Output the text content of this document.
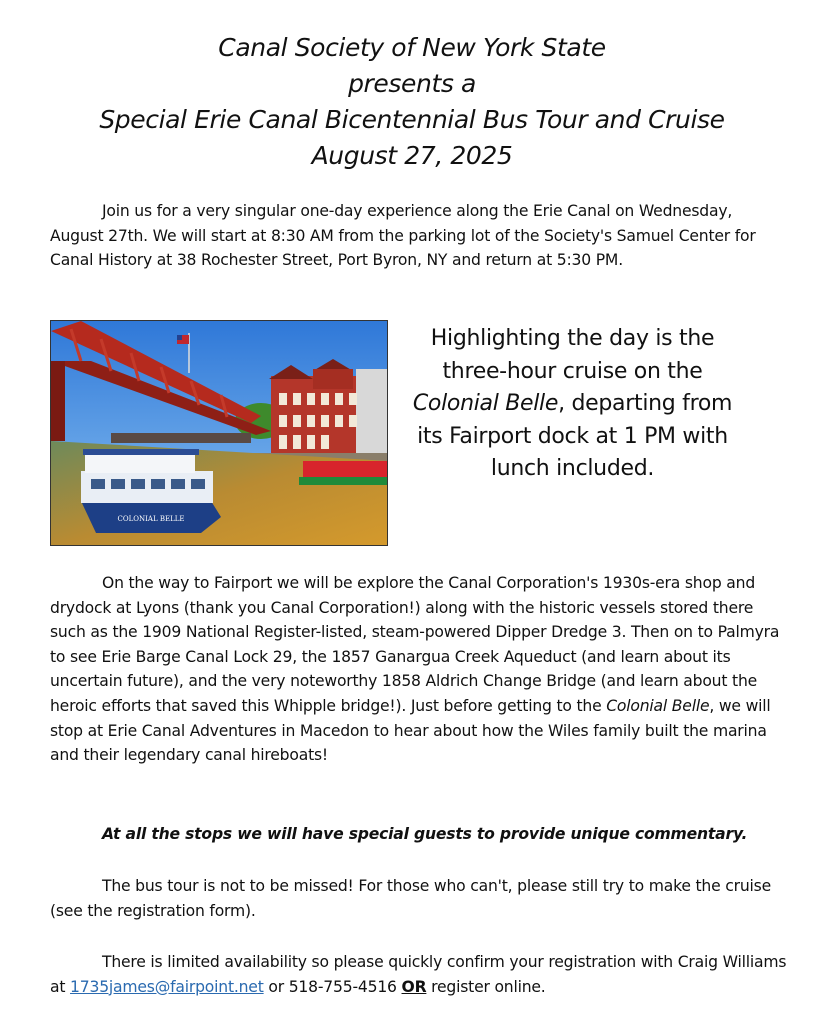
Canal Society of New York State
presents a
Special Erie Canal Bicentennial Bus Tour and Cruise
August 27, 2025

Join us for a very singular one-day experience along the Erie Canal on Wednesday, August 27th. We will start at 8:30 AM from the parking lot of the Society's Samuel Center for Canal History at 38 Rochester Street, Port Byron, NY and return at 5:30 PM.

COLONIAL BELLE
Highlighting the day is the three-hour cruise on the Colonial Belle, departing from its Fairport dock at 1 PM with lunch included.

On the way to Fairport we will be explore the Canal Corporation's 1930s-era shop and drydock at Lyons (thank you Canal Corporation!) along with the historic vessels stored there such as the 1909 National Register-listed, steam-powered Dipper Dredge 3. Then on to Palmyra to see Erie Barge Canal Lock 29, the 1857 Ganargua Creek Aqueduct (and learn about its uncertain future), and the very noteworthy 1858 Aldrich Change Bridge (and learn about the heroic efforts that saved this Whipple bridge!). Just before getting to the Colonial Belle, we will stop at Erie Canal Adventures in Macedon to hear about how the Wiles family built the marina and their legendary canal hireboats!

At all the stops we will have special guests to provide unique commentary.

The bus tour is not to be missed! For those who can't, please still try to make the cruise (see the registration form).

There is limited availability so please quickly confirm your registration with Craig Williams at 1735james@fairpoint.net or 518-755-4516 OR register online.
